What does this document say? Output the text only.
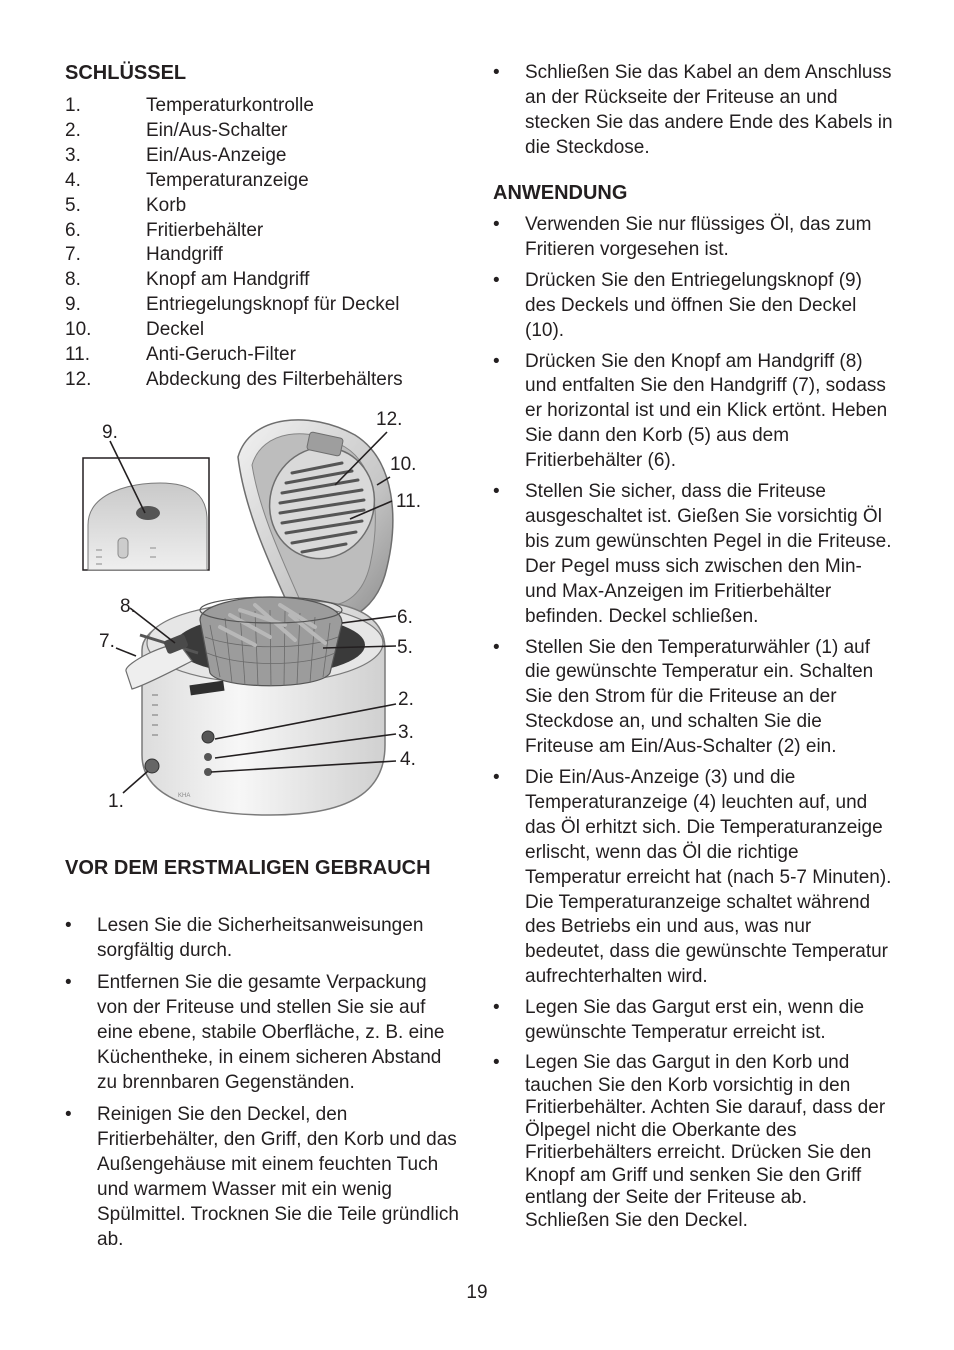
SCHLÜSSEL
1.	Temperaturkontrolle
2.	Ein/Aus-Schalter
3.	Ein/Aus-Anzeige
4.	Temperaturanzeige
5.	Korb
6.	Fritierbehälter
7.	Handgriff
8.	Knopf am Handgriff
9.	Entriegelungsknopf für Deckel
10.	Deckel
11.	Anti-Geruch-Filter
12.	Abdeckung des Filterbehälters
VOR DEM ERSTMALIGEN GEBRAUCH
• Lesen Sie die Sicherheitsanweisungen sorgfältig durch.
• Entfernen Sie die gesamte Verpackung von der Friteuse und stellen Sie sie auf eine ebene, stabile Oberfläche, z. B. eine Küchentheke, in einem sicheren Abstand zu brennbaren Gegenständen.
• Reinigen Sie den Deckel, den Fritierbehälter, den Griff, den Korb und das Außengehäuse mit einem feuchten Tuch und warmem Wasser mit ein wenig Spülmittel. Trocknen Sie die Teile gründlich ab.
KHA
9.
12.
10.
11.
8.
7.
6.
5.
2.
3.
4.
1.
• Schließen Sie das Kabel an dem Anschluss an der Rückseite der Friteuse an und stecken Sie das andere Ende des Kabels in die Steckdose.
ANWENDUNG
• Verwenden Sie nur flüssiges Öl, das zum Fritieren vorgesehen ist.
• Drücken Sie den Entriegelungsknopf (9) des Deckels und öffnen Sie den Deckel (10).
• Drücken Sie den Knopf am Handgriff (8) und entfalten Sie den Handgriff (7), sodass er horizontal ist und ein Klick ertönt. Heben Sie dann den Korb (5) aus dem Fritierbehälter (6).
• Stellen Sie sicher, dass die Friteuse ausgeschaltet ist. Gießen Sie vorsichtig Öl bis zum gewünschten Pegel in die Friteuse. Der Pegel muss sich zwischen den Min- und Max-Anzeigen im Fritierbehälter befinden. Deckel schließen.
• Stellen Sie den Temperaturwähler (1) auf die gewünschte Temperatur ein. Schalten Sie den Strom für die Friteuse an der Steckdose an, und schalten Sie die Friteuse am Ein/Aus-Schalter (2) ein.
• Die Ein/Aus-Anzeige (3) und die Temperaturanzeige (4) leuchten auf, und das Öl erhitzt sich. Die Temperaturanzeige erlischt, wenn das Öl die richtige Temperatur erreicht hat (nach 5-7 Minuten). Die Temperaturanzeige schaltet während des Betriebs ein und aus, was nur bedeutet, dass die gewünschte Temperatur aufrechterhalten wird.
• Legen Sie das Gargut erst ein, wenn die gewünschte Temperatur erreicht ist.
• Legen Sie das Gargut in den Korb und tauchen Sie den Korb vorsichtig in den Fritierbehälter. Achten Sie darauf, dass der Ölpegel nicht die Oberkante des Fritierbehälters erreicht. Drücken Sie den Knopf am Griff und senken Sie den Griff entlang der Seite der Friteuse ab. Schließen Sie den Deckel.
19
